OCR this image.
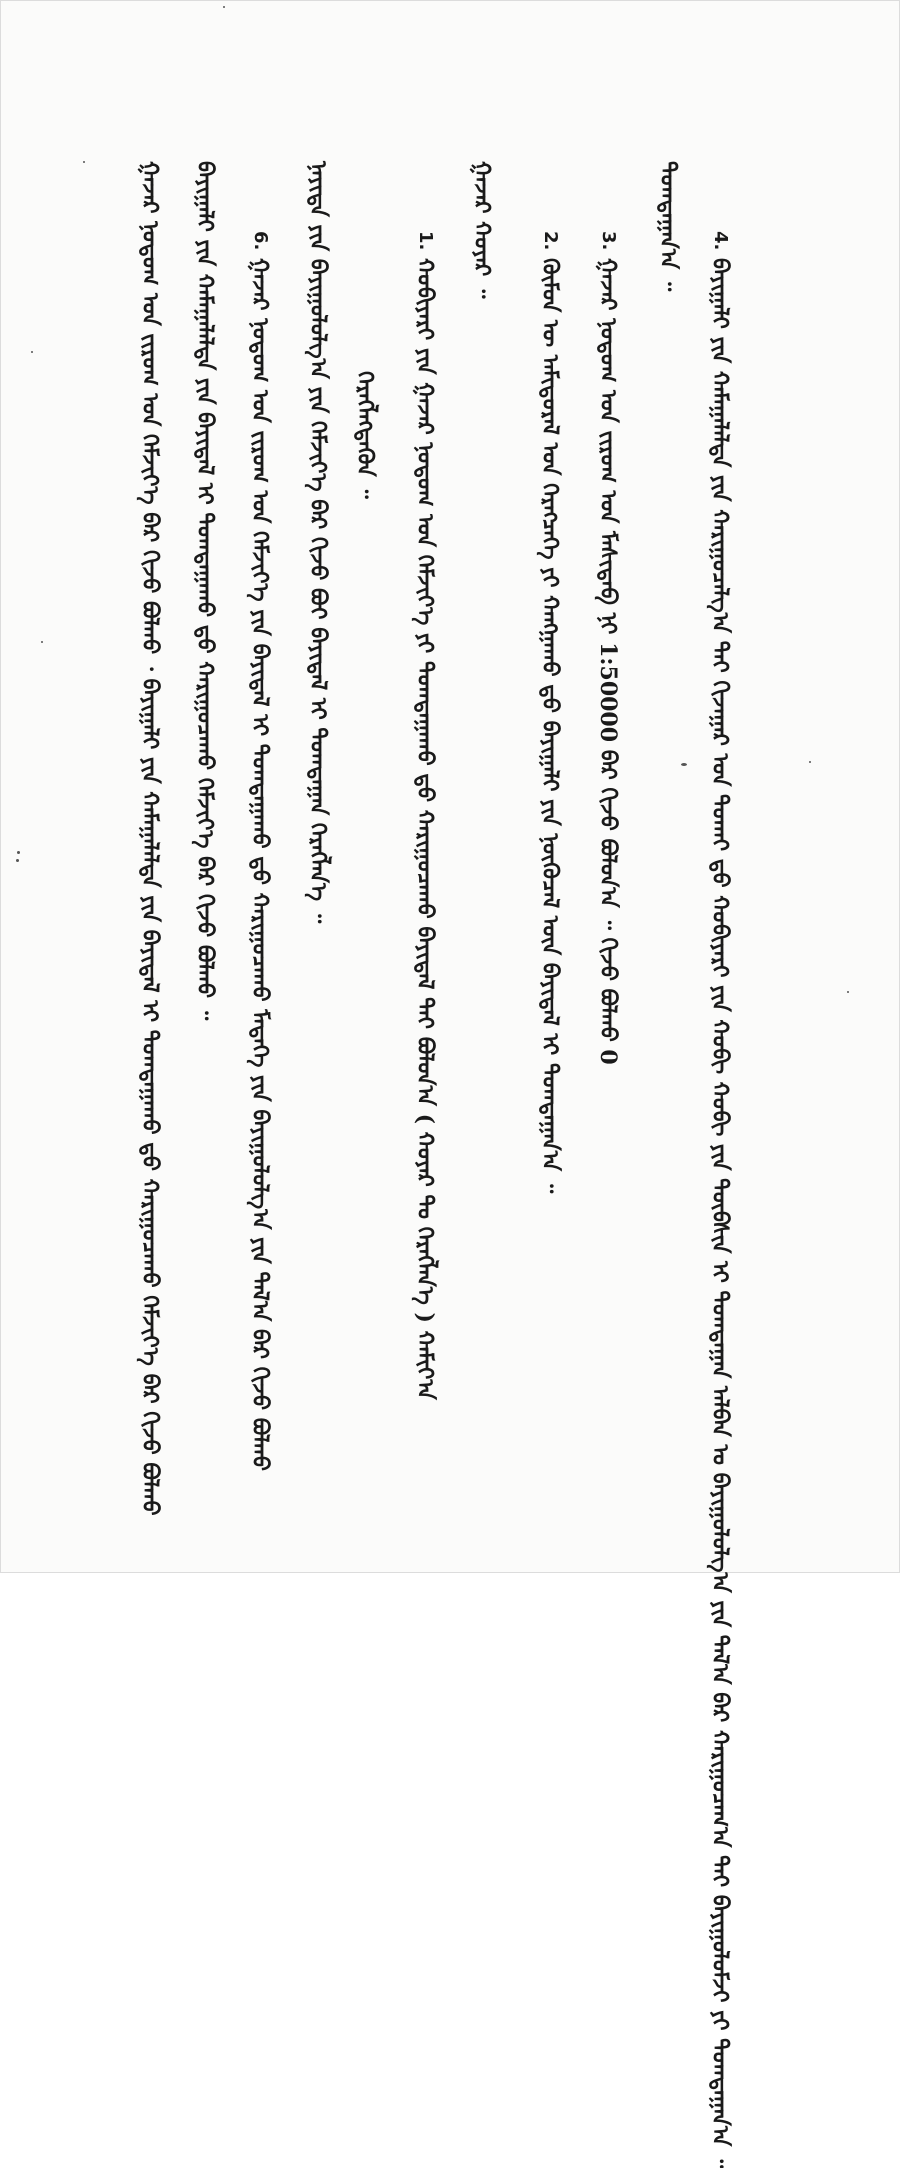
4. ᠪᠠᠶᠢᠭᠠᠯᠢ ᠶᠢᠨ ᠬᠠᠮᠠᠭᠠᠯᠠᠯᠲᠠ ᠶᠢᠨ ᠬᠠᠷᠢᠭᠤᠴᠠᠯᠭ᠎ᠠ ᠲᠠᠢ ᠬᠢᠵᠠᠭᠠᠷ ᠤᠨ ᠲᠤᠬᠠᠢ ᠳ᠋ᠤ ᠬᠤᠪᠢᠶᠠᠷᠢ ᠶᠢᠨ ᠬᠤᠪᠢ ᠬᠤᠪᠢ ᠶᠢᠨ ᠲᠦᠪᠰᠢᠨ ᠢ ᠲᠤᠭᠲᠠᠭᠠᠨ ᠠᠯᠪᠠᠨ ᠤ ᠪᠠᠶᠢᠭᠤᠯᠤᠯᠭ᠎ᠠ ᠶᠢᠨ ᠲᠠᠯ᠎ᠠ ᠪᠠᠷ ᠬᠠᠷᠢᠭᠤᠴᠠᠭ᠎ᠠ ᠲᠠᠢ ᠪᠠᠶᠢᠭᠤᠯᠤᠮᠵᠢ ᠶᠢ ᠲᠣᠭᠲᠠᠭᠠᠨ᠎ᠠ ᠃
ᠲᠣᠭᠲᠠᠭᠠᠨ᠎ᠠ ᠃
3. ᠭᠠᠵᠠᠷ ᠨᠤᠲᠤᠭ ᠤᠨ ᠵᠢᠷᠤᠭ ᠤᠨ ᠮᠠᠰᠢᠲᠠᠪ ᠨᠢ 1:50000 ᠪᠡᠷ ᠬᠢᠵᠦ ᠪᠣᠯᠣᠨ᠎ᠠ ᠃ ᠬᠢᠵᠦ ᠪᠣᠯᠬᠤ 0
2. ᠬᠦᠮᠦᠨ ᠦ ᠠᠮᠢᠳᠤᠷᠠᠯ ᠤᠨ ᠬᠡᠷᠡᠭᠴᠡᠭᠡ ᠶᠢ ᠬᠠᠩᠭᠠᠬᠤ ᠳ᠋ᠤ ᠪᠠᠶᠢᠭᠠᠯᠢ ᠶᠢᠨ ᠨᠥᠬᠥᠴᠡᠯ ᠦᠨ ᠪᠠᠶᠢᠳᠠᠯ ᠢ ᠲᠣᠭᠲᠠᠭᠠᠨ᠎ᠠ ᠃
ᠭᠠᠵᠠᠷ ᠬᠣᠶᠠᠷ ᠃
1. ᠬᠤᠪᠢᠶᠠᠷᠢ ᠶᠢᠨ ᠭᠠᠵᠠᠷ ᠨᠤᠲᠤᠭ ᠤᠨ ᠬᠡᠮᠵᠢᠶ᠎ᠡ ᠶᠢ ᠲᠣᠭᠲᠠᠭᠠᠬᠤ ᠳ᠋ᠤ ᠬᠠᠷᠢᠭᠤᠴᠠᠬᠤ ᠪᠠᠶᠢᠳᠠᠯ ᠲᠠᠢ ᠪᠣᠯᠣᠨ᠎ᠠ ( ᠬᠣᠶᠠᠷ ᠲᠤ ᠬᠡᠷᠡᠭᠯᠡᠨ᠎ᠡ ) ᠬᠠᠮᠢᠶ᠎ᠠ
ᠬᠡᠷᠡᠭᠯᠡᠭᠳᠡᠬᠦᠨ ᠃
ᠨᠡᠶᠢᠲᠡ ᠶᠢᠨ ᠪᠠᠶᠢᠭᠤᠯᠤᠯᠭ᠎ᠠ ᠶᠢᠨ ᠬᠡᠮᠵᠢᠶ᠎ᠡ ᠪᠡᠷ ᠬᠢᠵᠦ ᠪᠤᠢ ᠪᠠᠶᠢᠳᠠᠯ ᠢ ᠲᠣᠭᠲᠠᠭᠠᠨ ᠬᠡᠷᠡᠭᠯᠡᠨ᠎ᠡ ᠃
6. ᠭᠠᠵᠠᠷ ᠨᠤᠲᠤᠭ ᠤᠨ ᠵᠢᠷᠤᠭ ᠤᠨ ᠬᠡᠮᠵᠢᠶ᠎ᠡ ᠶᠢᠨ ᠪᠠᠶᠢᠳᠠᠯ ᠢ ᠲᠣᠭᠲᠠᠭᠠᠬᠤ ᠳ᠋ᠤ ᠬᠠᠷᠢᠭᠤᠴᠠᠬᠤ ᠮᠡᠳᠡᠭᠡ ᠶᠢᠨ ᠪᠠᠶᠢᠭᠤᠯᠤᠯᠭ᠎ᠠ ᠶᠢᠨ ᠲᠠᠯ᠎ᠠ ᠪᠠᠷ ᠬᠢᠵᠦ ᠪᠣᠯᠬᠤ
ᠪᠠᠶᠢᠭᠠᠯᠢ ᠶᠢᠨ ᠬᠠᠮᠠᠭᠠᠯᠠᠯᠲᠠ ᠶᠢᠨ ᠪᠠᠶᠢᠳᠠᠯ ᠢ ᠲᠣᠭᠲᠠᠭᠠᠬᠤ ᠳ᠋ᠤ ᠬᠠᠷᠢᠭᠤᠴᠠᠬᠤ ᠬᠡᠮᠵᠢᠶ᠎ᠡ ᠪᠡᠷ ᠬᠢᠵᠦ ᠪᠣᠯᠬᠤ ᠃
ᠭᠠᠵᠠᠷ ᠨᠤᠲᠤᠭ ᠤᠨ ᠵᠢᠷᠤᠭ ᠤᠨ ᠬᠡᠮᠵᠢᠶ᠎ᠡ ᠪᠡᠷ ᠬᠢᠵᠦ ᠪᠣᠯᠬᠤ ᠂ ᠪᠠᠶᠢᠭᠠᠯᠢ ᠶᠢᠨ ᠬᠠᠮᠠᠭᠠᠯᠠᠯᠲᠠ ᠶᠢᠨ ᠪᠠᠶᠢᠳᠠᠯ ᠢ ᠲᠣᠭᠲᠠᠭᠠᠬᠤ ᠳ᠋ᠤ ᠬᠠᠷᠢᠭᠤᠴᠠᠬᠤ ᠬᠡᠮᠵᠢᠶ᠎ᠡ ᠪᠡᠷ ᠬᠢᠵᠦ ᠪᠣᠯᠬᠤ
